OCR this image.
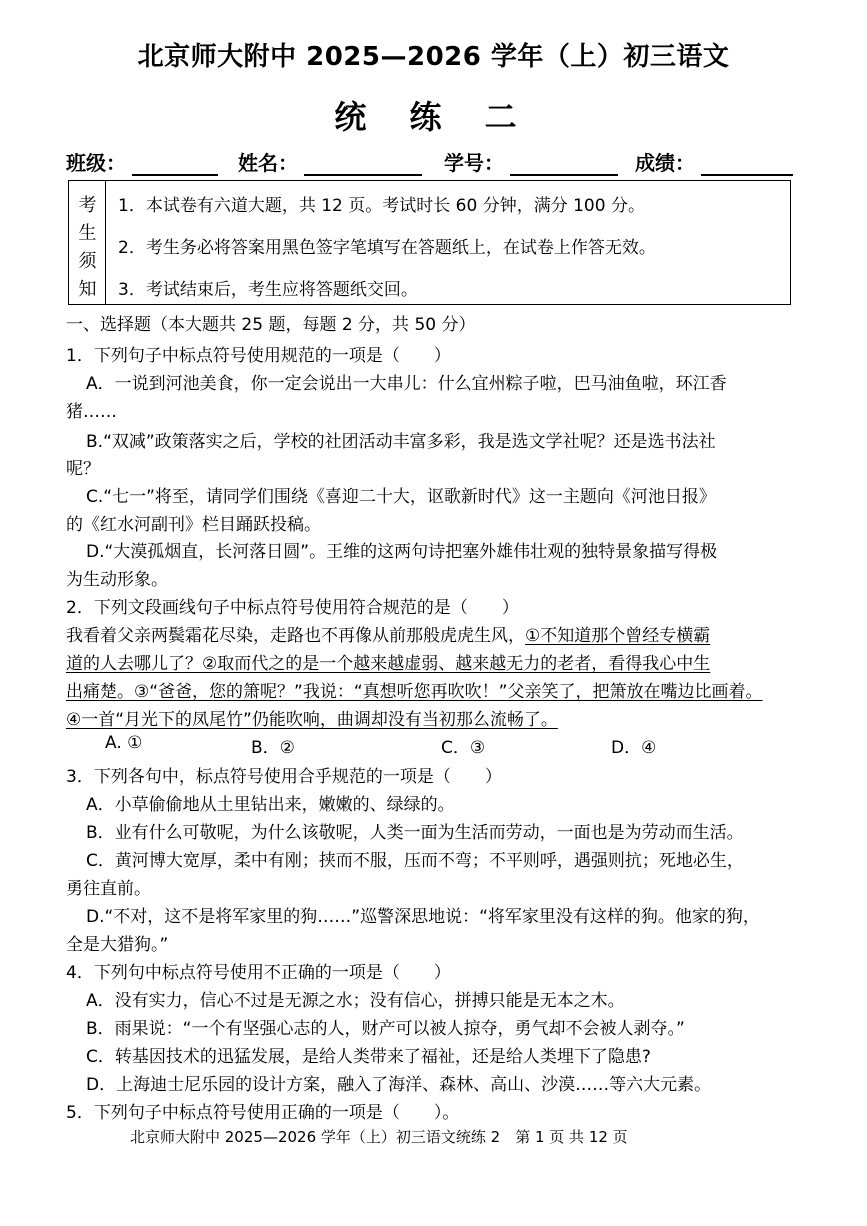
北京师大附中 2025—2026 学年（上）初三语文
统 练 二
班级：	姓名：	学号：	成绩：
考
生
须
知
1．本试卷有六道大题，共 12 页。考试时长 60 分钟，满分 100 分。
2．考生务必将答案用黑色签字笔填写在答题纸上，在试卷上作答无效。
3．考试结束后，考生应将答题纸交回。
一、选择题（本大题共 25 题，每题 2 分，共 50 分）
1．下列句子中标点符号使用规范的一项是（　　）
A．一说到河池美食，你一定会说出一大串儿：什么宜州粽子啦，巴马油鱼啦，环江香
猪……
B.“双减”政策落实之后，学校的社团活动丰富多彩，我是选文学社呢？还是选书法社
呢？
C.“七一”将至，请同学们围绕《喜迎二十大，讴歌新时代》这一主题向《河池日报》
的《红水河副刊》栏目踊跃投稿。
D.“大漠孤烟直，长河落日圆”。王维的这两句诗把塞外雄伟壮观的独特景象描写得极
为生动形象。
2．下列文段画线句子中标点符号使用符合规范的是（　　）
我看着父亲两鬓霜花尽染，走路也不再像从前那般虎虎生风，①不知道那个曾经专横霸
道的人去哪儿了？②取而代之的是一个越来越虚弱、越来越无力的老者，看得我心中生
出痛楚。③“爸爸，您的箫呢？”我说：“真想听您再吹吹！”父亲笑了，把箫放在嘴边比画着。
④一首“月光下的凤尾竹”仍能吹响，曲调却没有当初那么流畅了。
A. ①	B．②	C．③	D．④
3．下列各句中，标点符号使用合乎规范的一项是（　　）
A．小草偷偷地从土里钻出来，嫩嫩的、绿绿的。
B．业有什么可敬呢，为什么该敬呢，人类一面为生活而劳动，一面也是为劳动而生活。
C．黄河博大宽厚，柔中有刚；挟而不服，压而不弯；不平则呼，遇强则抗；死地必生，
勇往直前。
D.“不对，这不是将军家里的狗……”巡警深思地说：“将军家里没有这样的狗。他家的狗，
全是大猎狗。”
4．下列句中标点符号使用不正确的一项是（　　）
A．没有实力，信心不过是无源之水；没有信心，拼搏只能是无本之木。
B．雨果说：“一个有坚强心志的人，财产可以被人掠夺，勇气却不会被人剥夺。”
C．转基因技术的迅猛发展，是给人类带来了福祉，还是给人类埋下了隐患?
D．上海迪士尼乐园的设计方案，融入了海洋、森林、高山、沙漠……等六大元素。
5．下列句子中标点符号使用正确的一项是（　　）。
北京师大附中 2025—2026 学年（上）初三语文统练 2　第 1 页 共 12 页
